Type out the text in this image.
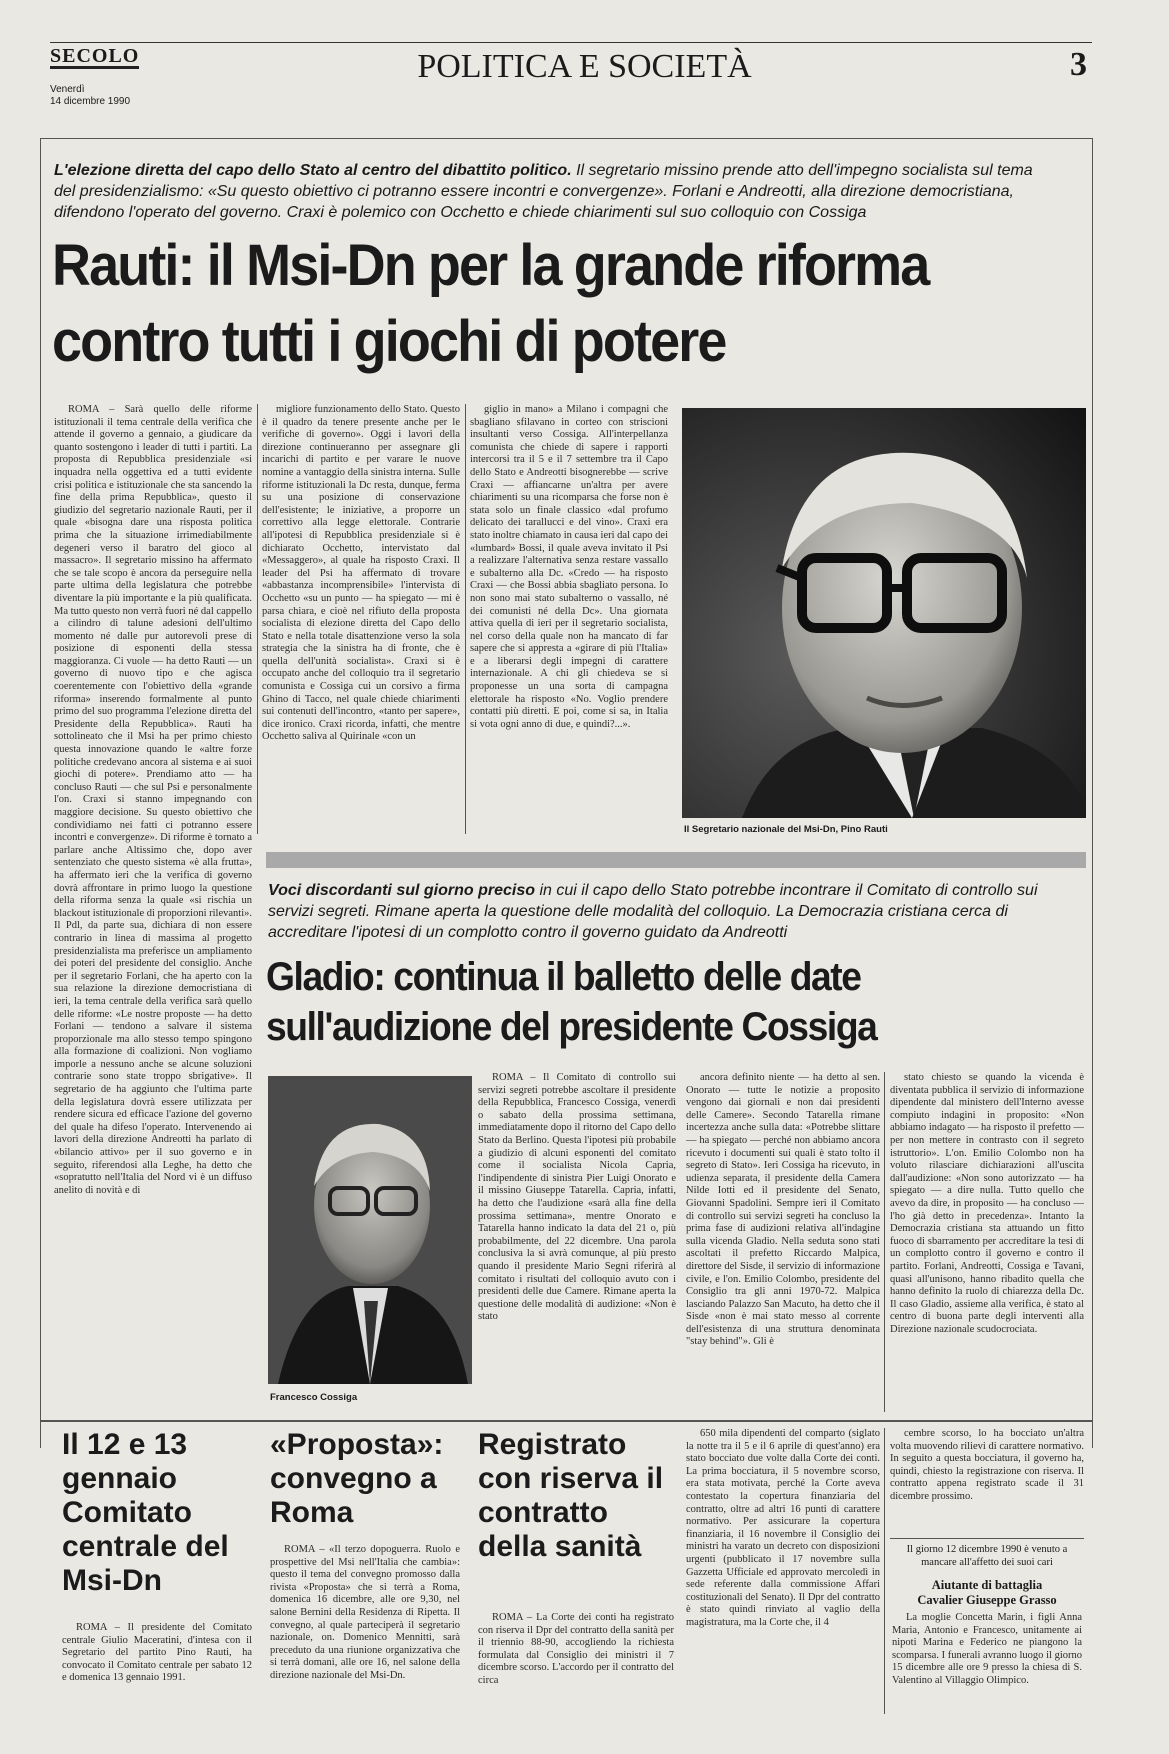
SECOLO
Venerdì
14 dicembre 1990
POLITICA E SOCIETÀ	3
L'elezione diretta del capo dello Stato al centro del dibattito politico. Il segretario missino prende atto dell'impegno socialista sul tema del presidenzialismo: «Su questo obiettivo ci potranno essere incontri e convergenze». Forlani e Andreotti, alla direzione democristiana, difendono l'operato del governo. Craxi è polemico con Occhetto e chiede chiarimenti sul suo colloquio con Cossiga
Rauti: il Msi-Dn per la grande riforma
contro tutti i giochi di potere

ROMA – Sarà quello delle riforme istituzionali il tema centrale della verifica che attende il governo a gennaio, a giudicare da quanto sostengono i leader di tutti i partiti. La proposta di Repubblica presidenziale «si inquadra nella oggettiva ed a tutti evidente crisi politica e istituzionale che sta sancendo la fine della prima Repubblica», questo il giudizio del segretario nazionale Rauti, per il quale «bisogna dare una risposta politica prima che la situazione irrimediabilmente degeneri verso il baratro del gioco al massacro». Il segretario missino ha affermato che se tale scopo è ancora da perseguire nella parte ultima della legislatura che potrebbe diventare la più importante e la più qualificata. Ma tutto questo non verrà fuori né dal cappello a cilindro di talune adesioni dell'ultimo momento né dalle pur autorevoli prese di posizione di esponenti della stessa maggioranza. Ci vuole — ha detto Rauti — un governo di nuovo tipo e che agisca coerentemente con l'obiettivo della «grande riforma» inserendo formalmente al punto primo del suo programma l'elezione diretta del Presidente della Repubblica». Rauti ha sottolineato che il Msi ha per primo chiesto questa innovazione quando le «altre forze politiche credevano ancora al sistema e ai suoi giochi di potere». Prendiamo atto — ha concluso Rauti — che sul Psi e personalmente l'on. Craxi si stanno impegnando con maggiore decisione. Su questo obiettivo che condividiamo nei fatti ci potranno essere incontri e convergenze». Di riforme è tornato a parlare anche Altissimo che, dopo aver sentenziato che questo sistema «è alla frutta», ha affermato ieri che la verifica di governo dovrà affrontare in primo luogo la questione della riforma senza la quale «si rischia un blackout istituzionale di proporzioni rilevanti». Il Pdl, da parte sua, dichiara di non essere contrario in linea di massima al progetto presidenzialista ma preferisce un ampliamento dei poteri del presidente del consiglio. Anche per il segretario Forlani, che ha aperto con la sua relazione la direzione democristiana di ieri, la tema centrale della verifica sarà quello delle riforme: «Le nostre proposte — ha detto Forlani — tendono a salvare il sistema proporzionale ma allo stesso tempo spingono alla formazione di coalizioni. Non vogliamo imporle a nessuno anche se alcune soluzioni contrarie sono state troppo sbrigative». Il segretario de ha aggiunto che l'ultima parte della legislatura dovrà essere utilizzata per rendere sicura ed efficace l'azione del governo del quale ha difeso l'operato. Intervenendo ai lavori della direzione Andreotti ha parlato di «bilancio attivo» per il suo governo e in seguito, riferendosi alla Leghe, ha detto che «sopratutto nell'Italia del Nord vi è un diffuso anelito di novità e di

migliore funzionamento dello Stato. Questo è il quadro da tenere presente anche per le verifiche di governo». Oggi i lavori della direzione continueranno per assegnare gli incarichi di partito e per varare le nuove nomine a vantaggio della sinistra interna. Sulle riforme istituzionali la Dc resta, dunque, ferma su una posizione di conservazione dell'esistente; le iniziative, a proporre un correttivo alla legge elettorale. Contrarie all'ipotesi di Repubblica presidenziale si è dichiarato Occhetto, intervistato dal «Messaggero», al quale ha risposto Craxi. Il leader del Psi ha affermato di trovare «abbastanza incomprensibile» l'intervista di Occhetto «su un punto — ha spiegato — mi è parsa chiara, e cioè nel rifiuto della proposta socialista di elezione diretta del Capo dello Stato e nella totale disattenzione verso la sola strategia che la sinistra ha di fronte, che è quella dell'unità socialista». Craxi si è occupato anche del colloquio tra il segretario comunista e Cossiga cui un corsivo a firma Ghino di Tacco, nel quale chiede chiarimenti sui contenuti dell'incontro, «tanto per sapere», dice ironico. Craxi ricorda, infatti, che mentre Occhetto saliva al Quirinale «con un

giglio in mano» a Milano i compagni che sbagliano sfilavano in corteo con striscioni insultanti verso Cossiga. All'interpellanza comunista che chiede di sapere i rapporti intercorsi tra il 5 e il 7 settembre tra il Capo dello Stato e Andreotti bisognerebbe — scrive Craxi — affiancarne un'altra per avere chiarimenti su una ricomparsa che forse non è stata solo un finale classico «dal profumo delicato dei tarallucci e del vino». Craxi era stato inoltre chiamato in causa ieri dal capo dei «lumbard» Bossi, il quale aveva invitato il Psi a realizzare l'alternativa senza restare vassallo e subalterno alla Dc. «Credo — ha risposto Craxi — che Bossi abbia sbagliato persona. Io non sono mai stato subalterno o vassallo, né dei comunisti né della Dc». Una giornata attiva quella di ieri per il segretario socialista, nel corso della quale non ha mancato di far sapere che si appresta a «girare di più l'Italia» e a liberarsi degli impegni di carattere internazionale. A chi gli chiedeva se si proponesse un una sorta di campagna elettorale ha risposto «No. Voglio prendere contatti più diretti. E poi, come si sa, in Italia si vota ogni anno di due, e quindi?...».

Il Segretario nazionale del Msi-Dn, Pino Rauti
Voci discordanti sul giorno preciso in cui il capo dello Stato potrebbe incontrare il Comitato di controllo sui servizi segreti. Rimane aperta la questione delle modalità del colloquio. La Democrazia cristiana cerca di accreditare l'ipotesi di un complotto contro il governo guidato da Andreotti
Gladio: continua il balletto delle date
sull'audizione del presidente Cossiga
Francesco Cossiga

ROMA – Il Comitato di controllo sui servizi segreti potrebbe ascoltare il presidente della Repubblica, Francesco Cossiga, venerdì o sabato della prossima settimana, immediatamente dopo il ritorno del Capo dello Stato da Berlino. Questa l'ipotesi più probabile a giudizio di alcuni esponenti del comitato come il socialista Nicola Capria, l'indipendente di sinistra Pier Luigi Onorato e il missino Giuseppe Tatarella. Capria, infatti, ha detto che l'audizione «sarà alla fine della prossima settimana», mentre Onorato e Tatarella hanno indicato la data del 21 o, più probabilmente, del 22 dicembre. Una parola conclusiva la si avrà comunque, al più presto quando il presidente Mario Segni riferirà al comitato i risultati del colloquio avuto con i presidenti delle due Camere. Rimane aperta la questione delle modalità di audizione: «Non è stato

ancora definito niente — ha detto al sen. Onorato — tutte le notizie a proposito vengono dai giornali e non dai presidenti delle Camere». Secondo Tatarella rimane incertezza anche sulla data: «Potrebbe slittare — ha spiegato — perché non abbiamo ancora ricevuto i documenti sui quali è stato tolto il segreto di Stato». Ieri Cossiga ha ricevuto, in udienza separata, il presidente della Camera Nilde Iotti ed il presidente del Senato, Giovanni Spadolini. Sempre ieri il Comitato di controllo sui servizi segreti ha concluso la prima fase di audizioni relativa all'indagine sulla vicenda Gladio. Nella seduta sono stati ascoltati il prefetto Riccardo Malpica, direttore del Sisde, il servizio di informazione civile, e l'on. Emilio Colombo, presidente del Consiglio tra gli anni 1970-72. Malpica lasciando Palazzo San Macuto, ha detto che il Sisde «non è mai stato messo al corrente dell'esistenza di una struttura denominata "stay behind"». Gli è

stato chiesto se quando la vicenda è diventata pubblica il servizio di informazione dipendente dal ministero dell'Interno avesse compiuto indagini in proposito: «Non abbiamo indagato — ha risposto il prefetto — per non mettere in contrasto con il segreto istruttorio». L'on. Emilio Colombo non ha voluto rilasciare dichiarazioni all'uscita dall'audizione: «Non sono autorizzato — ha spiegato — a dire nulla. Tutto quello che avevo da dire, in proposito — ha concluso — l'ho già detto in precedenza». Intanto la Democrazia cristiana sta attuando un fitto fuoco di sbarramento per accreditare la tesi di un complotto contro il governo e contro il partito. Forlani, Andreotti, Cossiga e Tavani, quasi all'unisono, hanno ribadito quella che hanno definito la ruolo di chiarezza della Dc. Il caso Gladio, assieme alla verifica, è stato al centro di buona parte degli interventi alla Direzione nazionale scudocrociata.

Il 12 e 13 gennaio Comitato centrale del Msi-Dn

ROMA – Il presidente del Comitato centrale Giulio Maceratini, d'intesa con il Segretario del partito Pino Rauti, ha convocato il Comitato centrale per sabato 12 e domenica 13 gennaio 1991.

«Proposta»: convegno a Roma

ROMA – «Il terzo dopoguerra. Ruolo e prospettive del Msi nell'Italia che cambia»: questo il tema del convegno promosso dalla rivista «Proposta» che si terrà a Roma, domenica 16 dicembre, alle ore 9,30, nel salone Bernini della Residenza di Ripetta. Il convegno, al quale parteciperà il segretario nazionale, on. Domenico Mennitti, sarà preceduto da una riunione organizzativa che si terrà domani, alle ore 16, nel salone della direzione nazionale del Msi-Dn.

Registrato con riserva il contratto della sanità

ROMA – La Corte dei conti ha registrato con riserva il Dpr del contratto della sanità per il triennio 88-90, accogliendo la richiesta formulata dal Consiglio dei ministri il 7 dicembre scorso. L'accordo per il contratto del circa

650 mila dipendenti del comparto (siglato la notte tra il 5 e il 6 aprile di quest'anno) era stato bocciato due volte dalla Corte dei conti. La prima bocciatura, il 5 novembre scorso, era stata motivata, perché la Corte aveva contestato la copertura finanziaria del contratto, oltre ad altri 16 punti di carattere normativo. Per assicurare la copertura finanziaria, il 16 novembre il Consiglio dei ministri ha varato un decreto con disposizioni urgenti (pubblicato il 17 novembre sulla Gazzetta Ufficiale ed approvato mercoledì in sede referente dalla commissione Affari costituzionali del Senato). Il Dpr del contratto è stato quindi rinviato al vaglio della magistratura, ma la Corte che, il 4

cembre scorso, lo ha bocciato un'altra volta muovendo rilievi di carattere normativo. In seguito a questa bocciatura, il governo ha, quindi, chiesto la registrazione con riserva. Il contratto appena registrato scade il 31 dicembre prossimo.

Il giorno 12 dicembre 1990 è venuto a mancare all'affetto dei suoi cari
Aiutante di battaglia
Cavalier Giuseppe Grasso

La moglie Concetta Marin, i figli Anna Maria, Antonio e Francesco, unitamente ai nipoti Marina e Federico ne piangono la scomparsa. I funerali avranno luogo il giorno 15 dicembre alle ore 9 presso la chiesa di S. Valentino al Villaggio Olimpico.
